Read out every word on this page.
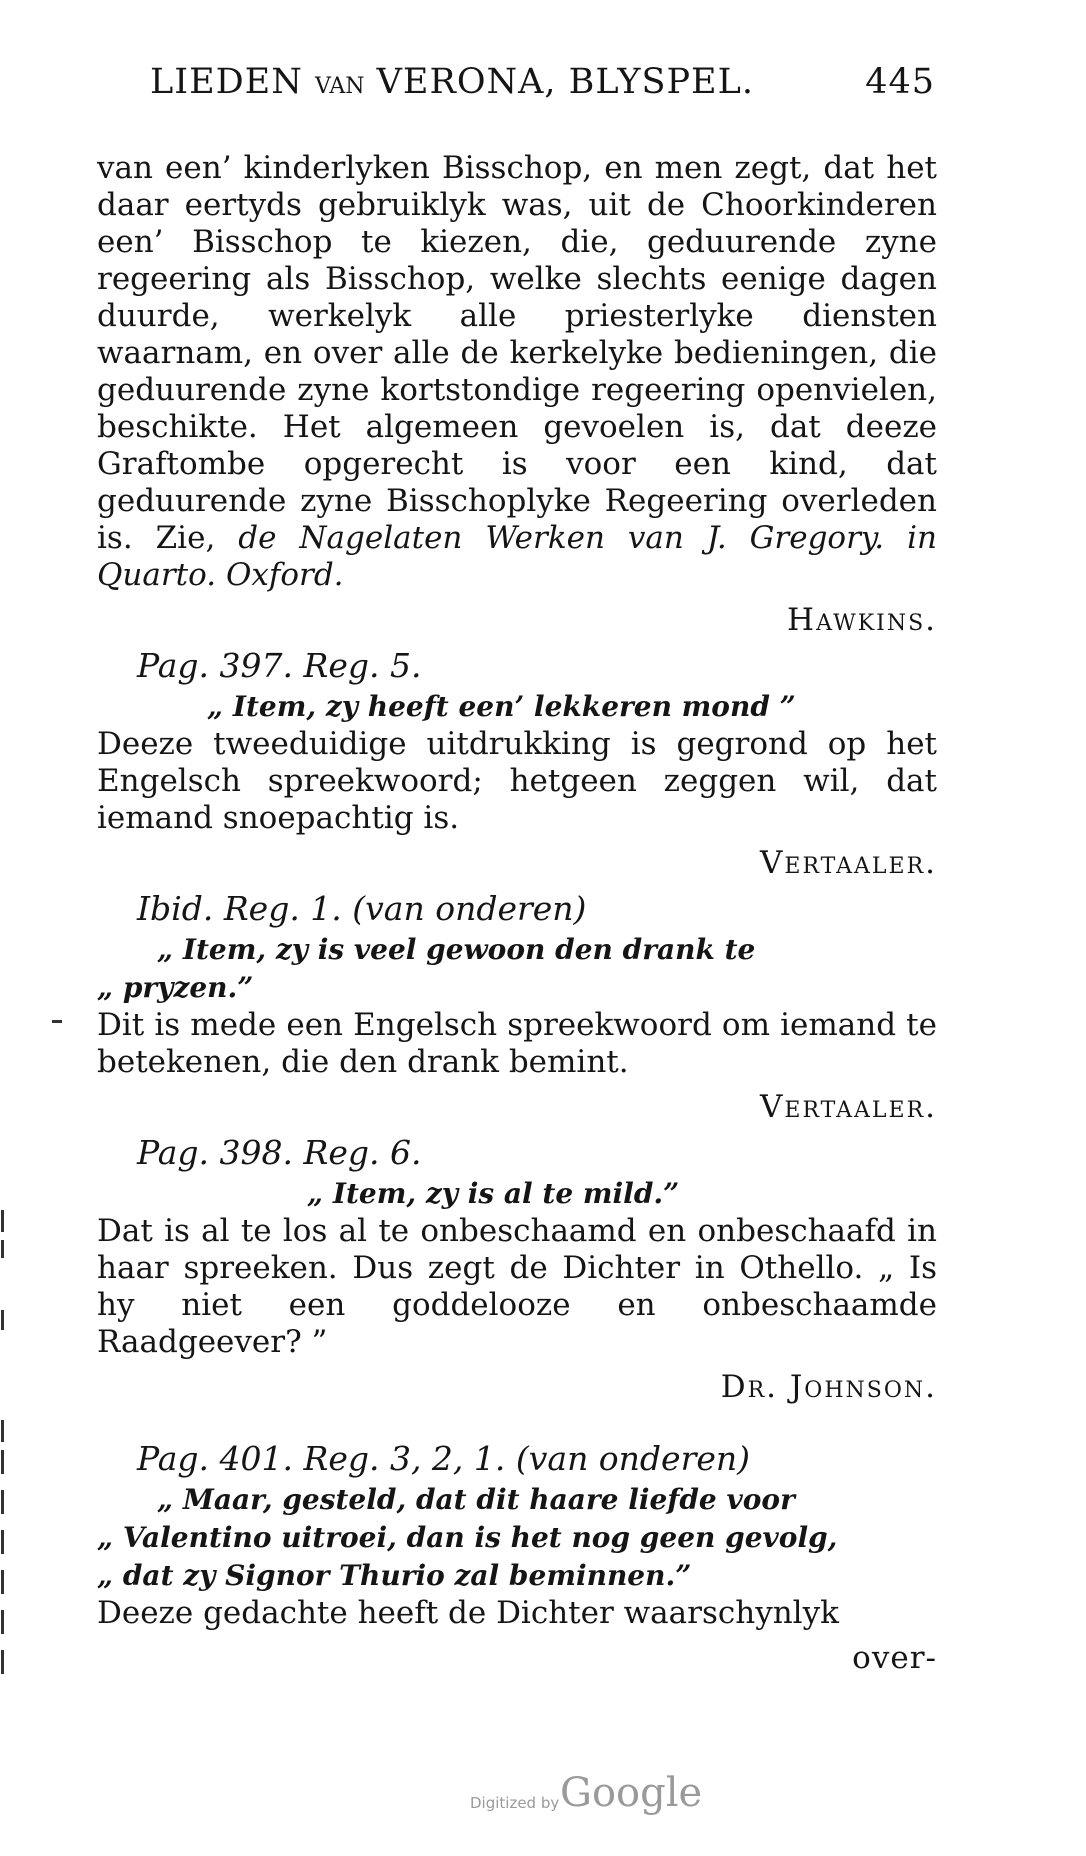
LIEDEN VAN VERONA, BLYSPEL.	445

van een’ kinderlyken Bisschop, en men zegt, dat het daar eertyds gebruiklyk was, uit de Choorkinderen een’ Bisschop te kiezen, die, geduurende zyne regeering als Bisschop, welke slechts eenige dagen duurde, werkelyk alle priesterlyke diensten waarnam, en over alle de kerkelyke bedieningen, die geduurende zyne kortstondige regeering openvielen, beschikte. Het algemeen gevoelen is, dat deeze Graftombe opgerecht is voor een kind, dat geduurende zyne Bisschoplyke Regeering overleden is. Zie, de Nagelaten Werken van J. Gregory. in Quarto. Oxford.

Hawkins.
Pag. 397. Reg. 5.

„ Item, zy heeft een’ lekkeren mond ”

Deeze tweeduidige uitdrukking is gegrond op het Engelsch spreekwoord; hetgeen zeggen wil, dat iemand snoepachtig is.

Vertaaler.
Ibid. Reg. 1. (van onderen)

„ Item, zy is veel gewoon den drank te

„ pryzen.”

Dit is mede een Engelsch spreekwoord om iemand te betekenen, die den drank bemint.

Vertaaler.
Pag. 398. Reg. 6.

„ Item, zy is al te mild.”

Dat is al te los al te onbeschaamd en onbeschaafd in haar spreeken. Dus zegt de Dichter in Othello. „ Is hy niet een goddelooze en onbeschaamde Raadgeever? ”

Dr. Johnson.
Pag. 401. Reg. 3, 2, 1. (van onderen)

„ Maar, gesteld, dat dit haare liefde voor

„ Valentino uitroei, dan is het nog geen gevolg,

„ dat zy Signor Thurio zal beminnen.”

Deeze gedachte heeft de Dichter waarschynlyk

over-
Digitized by Google
